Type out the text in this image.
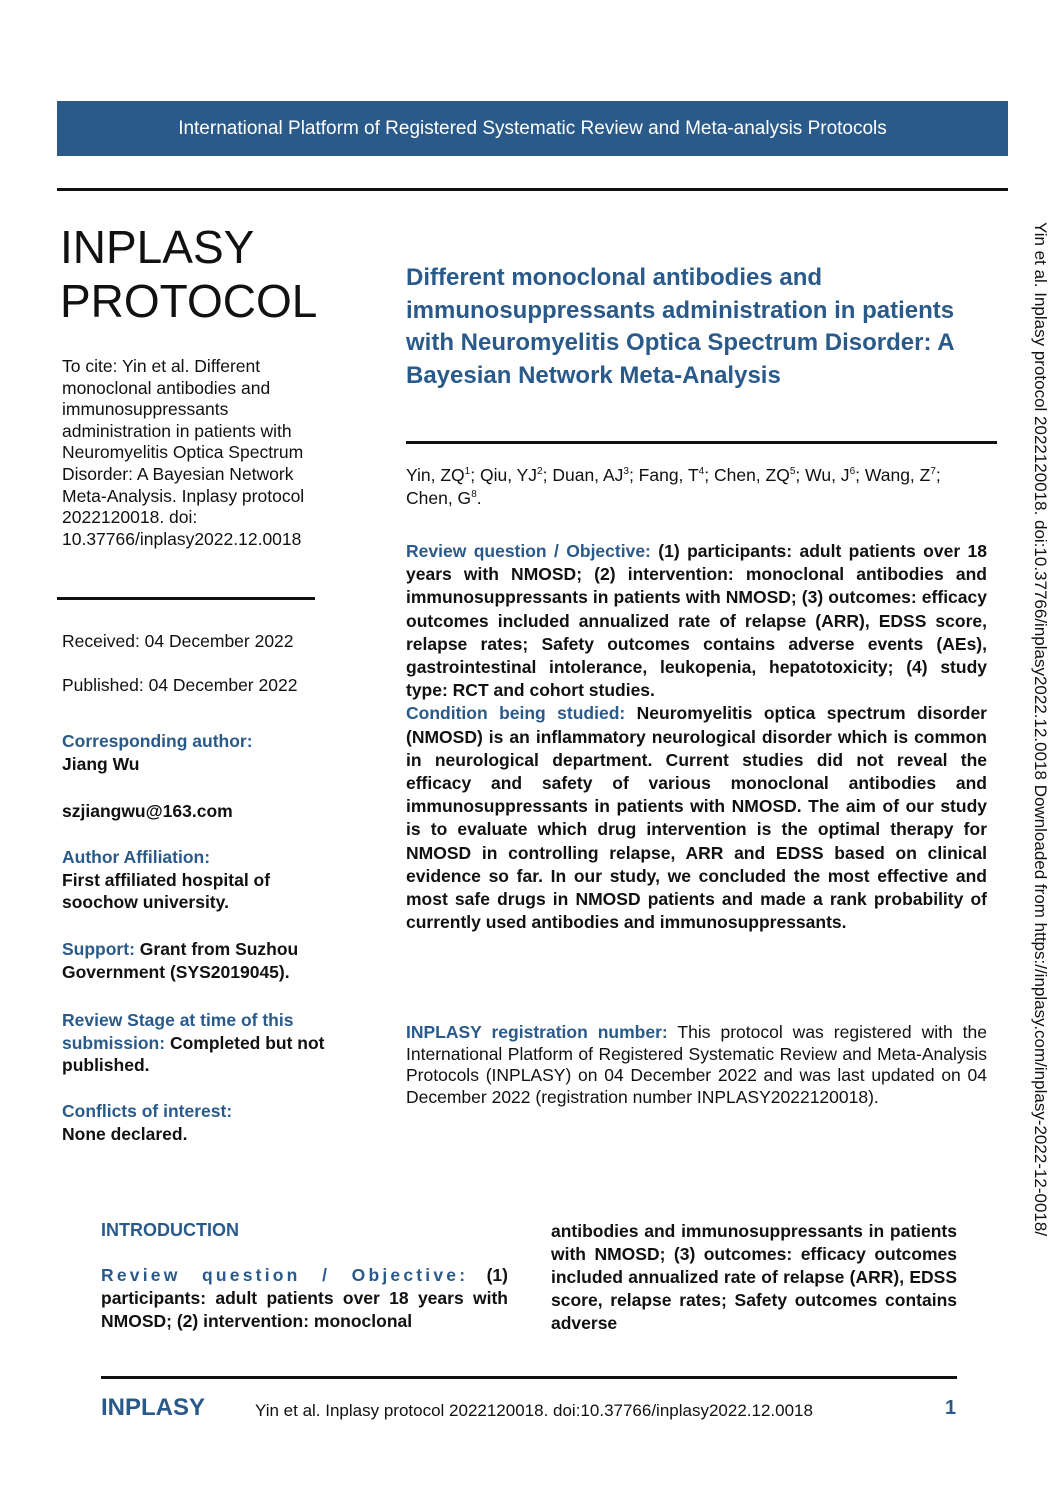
International Platform of Registered Systematic Review and Meta-analysis Protocols
INPLASY
PROTOCOL
To cite: Yin et al. Different monoclonal antibodies and immunosuppressants administration in patients with Neuromyelitis Optica Spectrum Disorder: A Bayesian Network Meta-Analysis. Inplasy protocol 2022120018. doi: 10.37766/inplasy2022.12.0018
Received: 04 December 2022
Published: 04 December 2022
Corresponding author:
Jiang Wu
szjiangwu@163.com
Author Affiliation:
First affiliated hospital of soochow university.
Support: Grant from Suzhou Government (SYS2019045).
Review Stage at time of this submission: Completed but not published.
Conflicts of interest:
None declared.
Different monoclonal antibodies and immunosuppressants administration in patients with Neuromyelitis Optica Spectrum Disorder: A Bayesian Network Meta-Analysis
Yin, $ZQ^1$; Qiu, $YJ^2$; Duan, $AJ^3$; Fang, $T^4$; Chen, $ZQ^5$; Wu, $J^6$; Wang, $Z^7$; Chen, $G^8$.
Review question / Objective: (1) participants: adult patients over 18 years with NMOSD; (2) intervention: monoclonal antibodies and immunosuppressants in patients with NMOSD; (3) outcomes: efficacy outcomes included annualized rate of relapse (ARR), EDSS score, relapse rates; Safety outcomes contains adverse events (AEs), gastrointestinal intolerance, leukopenia, hepatotoxicity; (4) study type: RCT and cohort studies.
Condition being studied: Neuromyelitis optica spectrum disorder (NMOSD) is an inflammatory neurological disorder which is common in neurological department. Current studies did not reveal the efficacy and safety of various monoclonal antibodies and immunosuppressants in patients with NMOSD. The aim of our study is to evaluate which drug intervention is the optimal therapy for NMOSD in controlling relapse, ARR and EDSS based on clinical evidence so far. In our study, we concluded the most effective and most safe drugs in NMOSD patients and made a rank probability of currently used antibodies and immunosuppressants.
INPLASY registration number: This protocol was registered with the International Platform of Registered Systematic Review and Meta-Analysis Protocols (INPLASY) on 04 December 2022 and was last updated on 04 December 2022 (registration number INPLASY2022120018).
INTRODUCTION
Review question / Objective: (1) participants: adult patients over 18 years with NMOSD; (2) intervention: monoclonal
antibodies and immunosuppressants in patients with NMOSD; (3) outcomes: efficacy outcomes included annualized rate of relapse (ARR), EDSS score, relapse rates; Safety outcomes contains adverse
INPLASY	Yin et al. Inplasy protocol 2022120018. doi:10.37766/inplasy2022.12.0018	1
Yin et al. Inplasy protocol 2022120018. doi:10.37766/inplasy2022.12.0018 Downloaded from https://inplasy.com/inplasy-2022-12-0018/
